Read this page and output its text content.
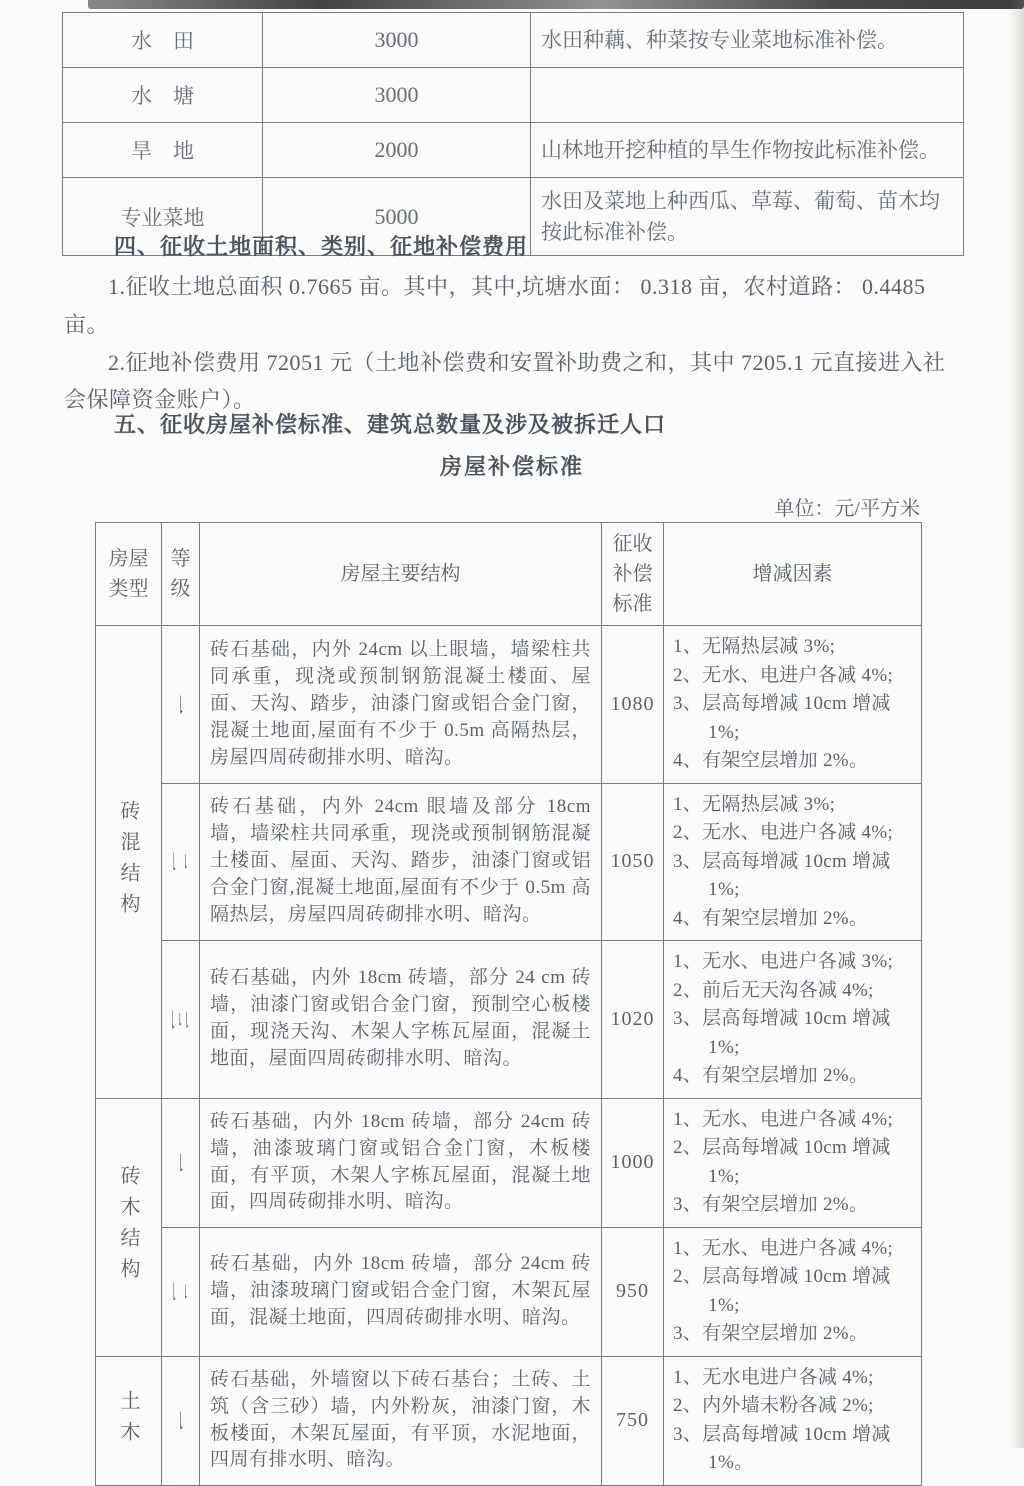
水　田	3000	水田种藕、种菜按专业菜地标准补偿。
水　塘	3000	
旱　地	2000	山林地开挖种植的旱生作物按此标准补偿。
专业菜地	5000	水田及菜地上种西瓜、草莓、葡萄、苗木均按此标准补偿。
四、征收土地面积、类别、征地补偿费用

1.征收土地总面积 0.7665 亩。其中，其中,坑塘水面： 0.318 亩，农村道路： 0.4485 亩。

2.征地补偿费用 72051 元（土地补偿费和安置补助费之和，其中 7205.1 元直接进入社会保障资金账户）。

五、征收房屋补偿标准、建筑总数量及涉及被拆迁人口
房屋补偿标准
单位：元/平方米
房屋类型	等级	房屋主要结构	征收补偿标准	增减因素
砖混结构	一	砖石基础，内外 24cm 以上眼墙，墙梁柱共同承重，现浇或预制钢筋混凝土楼面、屋面、天沟、踏步，油漆门窗或铝合金门窗，混凝土地面,屋面有不少于 0.5m 高隔热层，房屋四周砖砌排水明、暗沟。	1080	1、无隔热层减 3%;
2、无水、电进户各减 4%;
3、层高每增减 10cm 增减 1%;
4、有架空层增加 2%。

	二	砖石基础，内外 24cm 眼墙及部分 18cm 墙，墙梁柱共同承重，现浇或预制钢筋混凝土楼面、屋面、天沟、踏步，油漆门窗或铝合金门窗,混凝土地面,屋面有不少于 0.5m 高隔热层，房屋四周砖砌排水明、暗沟。	1050	1、无隔热层减 3%;
2、无水、电进户各减 4%;
3、层高每增减 10cm 增减 1%;
4、有架空层增加 2%。

	三	砖石基础，内外 18cm 砖墙，部分 24 cm 砖墙，油漆门窗或铝合金门窗，预制空心板楼面，现浇天沟、木架人字栋瓦屋面，混凝土地面，屋面四周砖砌排水明、暗沟。	1020	1、无水、电进户各减 3%;
2、前后无天沟各减 4%;
3、层高每增减 10cm 增减 1%;
4、有架空层增加 2%。

砖木结构	一	砖石基础，内外 18cm 砖墙，部分 24cm 砖墙，油漆玻璃门窗或铝合金门窗，木板楼面，有平顶，木架人字栋瓦屋面，混凝土地面，四周砖砌排水明、暗沟。	1000	1、无水、电进户各减 4%;
2、层高每增减 10cm 增减 1%;
3、有架空层增加 2%。

	二	砖石基础，内外 18cm 砖墙，部分 24cm 砖墙，油漆玻璃门窗或铝合金门窗，木架瓦屋面，混凝土地面，四周砖砌排水明、暗沟。	950	1、无水、电进户各减 4%;
2、层高每增减 10cm 增减 1%;
3、有架空层增加 2%。

土木	一	砖石基础，外墙窗以下砖石基台；土砖、土筑（含三砂）墙，内外粉灰，油漆门窗，木板楼面，木架瓦屋面，有平顶，水泥地面，四周有排水明、暗沟。	750	1、无水电进户各减 4%;
2、内外墙未粉各减 2%;
3、层高每增减 10cm 增减 1%。
